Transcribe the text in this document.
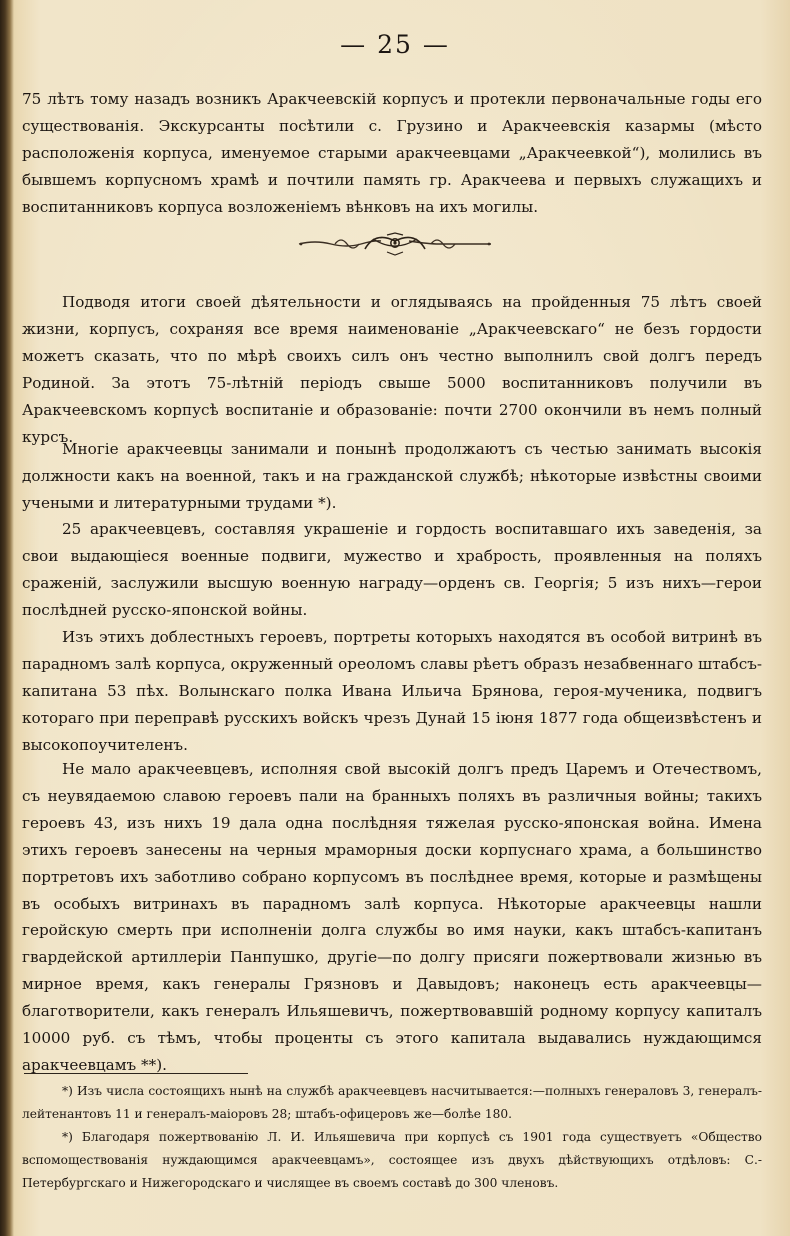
— 25 —

75 лѣтъ тому назадъ возникъ Аракчеевскій корпусъ и протекли первоначальные годы его существованія. Экскурсанты посѣтили с. Грузино и Аракчеевскія казармы (мѣсто расположенія корпуса, именуемое старыми аракчеевцами „Аракчеевкой“), молились въ бывшемъ корпусномъ храмѣ и почтили память гр. Аракчеева и первыхъ служащихъ и воспитанниковъ корпуса возложеніемъ вѣнковъ на ихъ могилы.

Подводя итоги своей дѣятельности и оглядываясь на пройденныя 75 лѣтъ своей жизни, корпусъ, сохраняя все время наименованіе „Аракчеевскаго“ не безъ гордости можетъ сказать, что по мѣрѣ своихъ силъ онъ честно выполнилъ свой долгъ передъ Родиной. За этотъ 75-лѣтній періодъ свыше 5000 воспитанниковъ получили въ Аракчеевскомъ корпусѣ воспитаніе и образованіе: почти 2700 окончили въ немъ полный курсъ.

Многіе аракчеевцы занимали и понынѣ продолжаютъ съ честью занимать высокія должности какъ на военной, такъ и на гражданской службѣ; нѣкоторые извѣстны своими учеными и литературными трудами *).

25 аракчеевцевъ, составляя украшеніе и гордость воспитавшаго ихъ заведенія, за свои выдающіеся военные подвиги, мужество и храбрость, проявленныя на поляхъ сраженій, заслужили высшую военную награду—орденъ св. Георгія; 5 изъ нихъ—герои послѣдней русско-японской войны.

Изъ этихъ доблестныхъ героевъ, портреты которыхъ находятся въ особой витринѣ въ парадномъ залѣ корпуса, окруженный ореоломъ славы рѣетъ образъ незабвеннаго штабсъ-капитана 53 пѣх. Волынскаго полка Ивана Ильича Брянова, героя-мученика, подвигъ котораго при переправѣ русскихъ войскъ чрезъ Дунай 15 іюня 1877 года общеизвѣстенъ и высокопоучителенъ.

Не мало аракчеевцевъ, исполняя свой высокій долгъ предъ Царемъ и Отечествомъ, съ неувядаемою славою героевъ пали на бранныхъ поляхъ въ различныя войны; такихъ героевъ 43, изъ нихъ 19 дала одна послѣдняя тяжелая русско-японская война. Имена этихъ героевъ занесены на черныя мраморныя доски корпуснаго храма, а большинство портретовъ ихъ заботливо собрано корпусомъ въ послѣднее время, которые и размѣщены въ особыхъ витринахъ въ парадномъ залѣ корпуса. Нѣкоторые аракчеевцы нашли геройскую смерть при исполненіи долга службы во имя науки, какъ штабсъ-капитанъ гвардейской артиллеріи Панпушко, другіе—по долгу присяги пожертвовали жизнью въ мирное время, какъ генералы Грязновъ и Давыдовъ; наконецъ есть аракчеевцы—благотворители, какъ генералъ Ильяшевичъ, пожертвовавшій родному корпусу капиталъ 10000 руб. съ тѣмъ, чтобы проценты съ этого капитала выдавались нуждающимся аракчеевцамъ **).

*) Изъ числа состоящихъ нынѣ на службѣ аракчеевцевъ насчитывается:—полныхъ генераловъ 3, генералъ-лейтенантовъ 11 и генералъ-маіоровъ 28; штабъ-офицеровъ же—болѣе 180.

*) Благодаря пожертвованію Л. И. Ильяшевича при корпусѣ съ 1901 года существуетъ «Общество вспомоществованія нуждающимся аракчеевцамъ», состоящее изъ двухъ дѣйствующихъ отдѣловъ: С.-Петербургскаго и Нижегородскаго и числящее въ своемъ составѣ до 300 членовъ.
